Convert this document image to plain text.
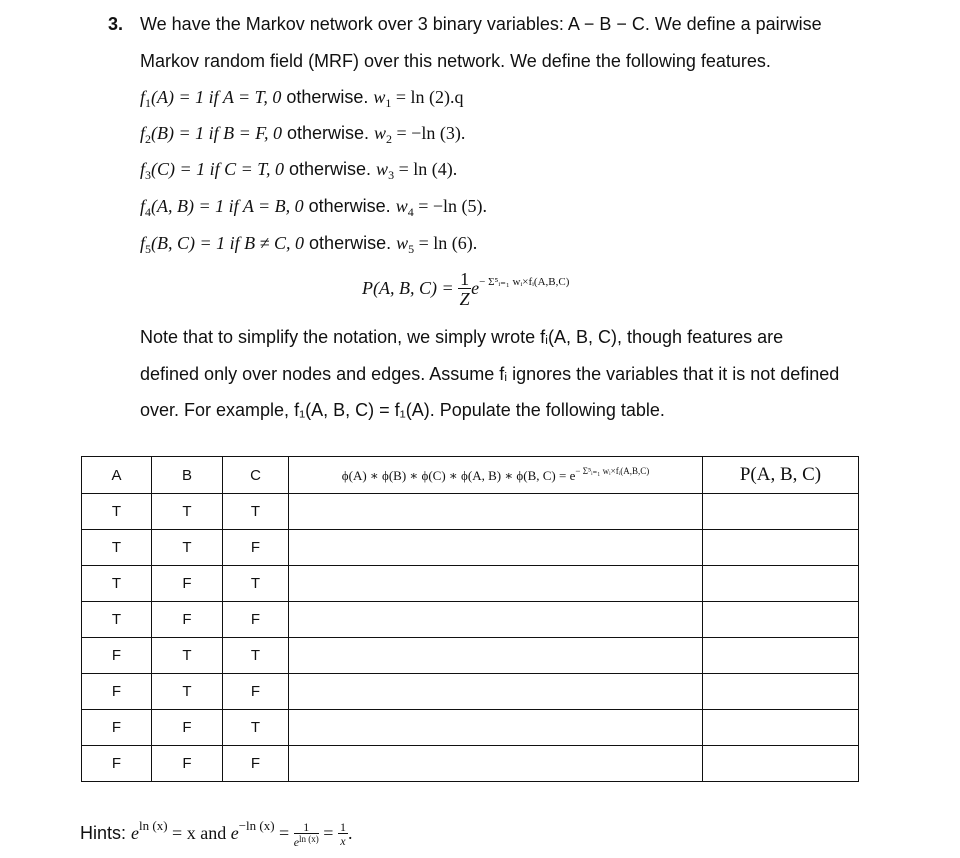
3. We have the Markov network over 3 binary variables: A − B − C. We define a pairwise
Markov random field (MRF) over this network. We define the following features.
$f_1(A) = 1$ if A = T, 0 otherwise. $w_1 = \ln (2).q$
$f_2(B) = 1$ if B = F, 0 otherwise. $w_2 = -\ln$ (3).
$f_3(C) = 1$ if C = T, 0 otherwise. $w_3 = \ln (4)$.
$f_4(A$, B) = 1 if A = B, 0 otherwise. $w_4 = -\ln$ (5).
$f_5(B$, C) = 1 if B ≠ C, 0 otherwise. $w_5 = \ln (6)$.
P(A, B, $C) = \frac{1}{Z} e^{- \Sigma^5ᵢ_{=1} wᵢ\times fᵢ(A,B,C)}$
Note that to simplify the notation, we simply wrote fᵢ(A, B, C), though features are
defined only over nodes and edges. Assume fᵢ ignores the variables that it is not defined
over. For example, f₁(A, B, C) = f₁(A). Populate the following table.
A	B	C	ϕ(A) ∗ ϕ(B) ∗ ϕ(C) ∗ ϕ(A, B) ∗ ϕ(B, $C) = e^{- \Sigma^5ᵢ_{=1} wᵢ\times fᵢ(A,B,C)}$	P(A, B, C)
T	T	T		
T	T	F		
T	F	T		
T	F	F		
F	T	T		
F	T	F		
F	F	T		
F	F	F		
Hints: $e^{ln (x)} = x$ and $e^{-ln (x)} = \frac{1}{e^{ln (x)}} = \frac{1}{x}$ .
